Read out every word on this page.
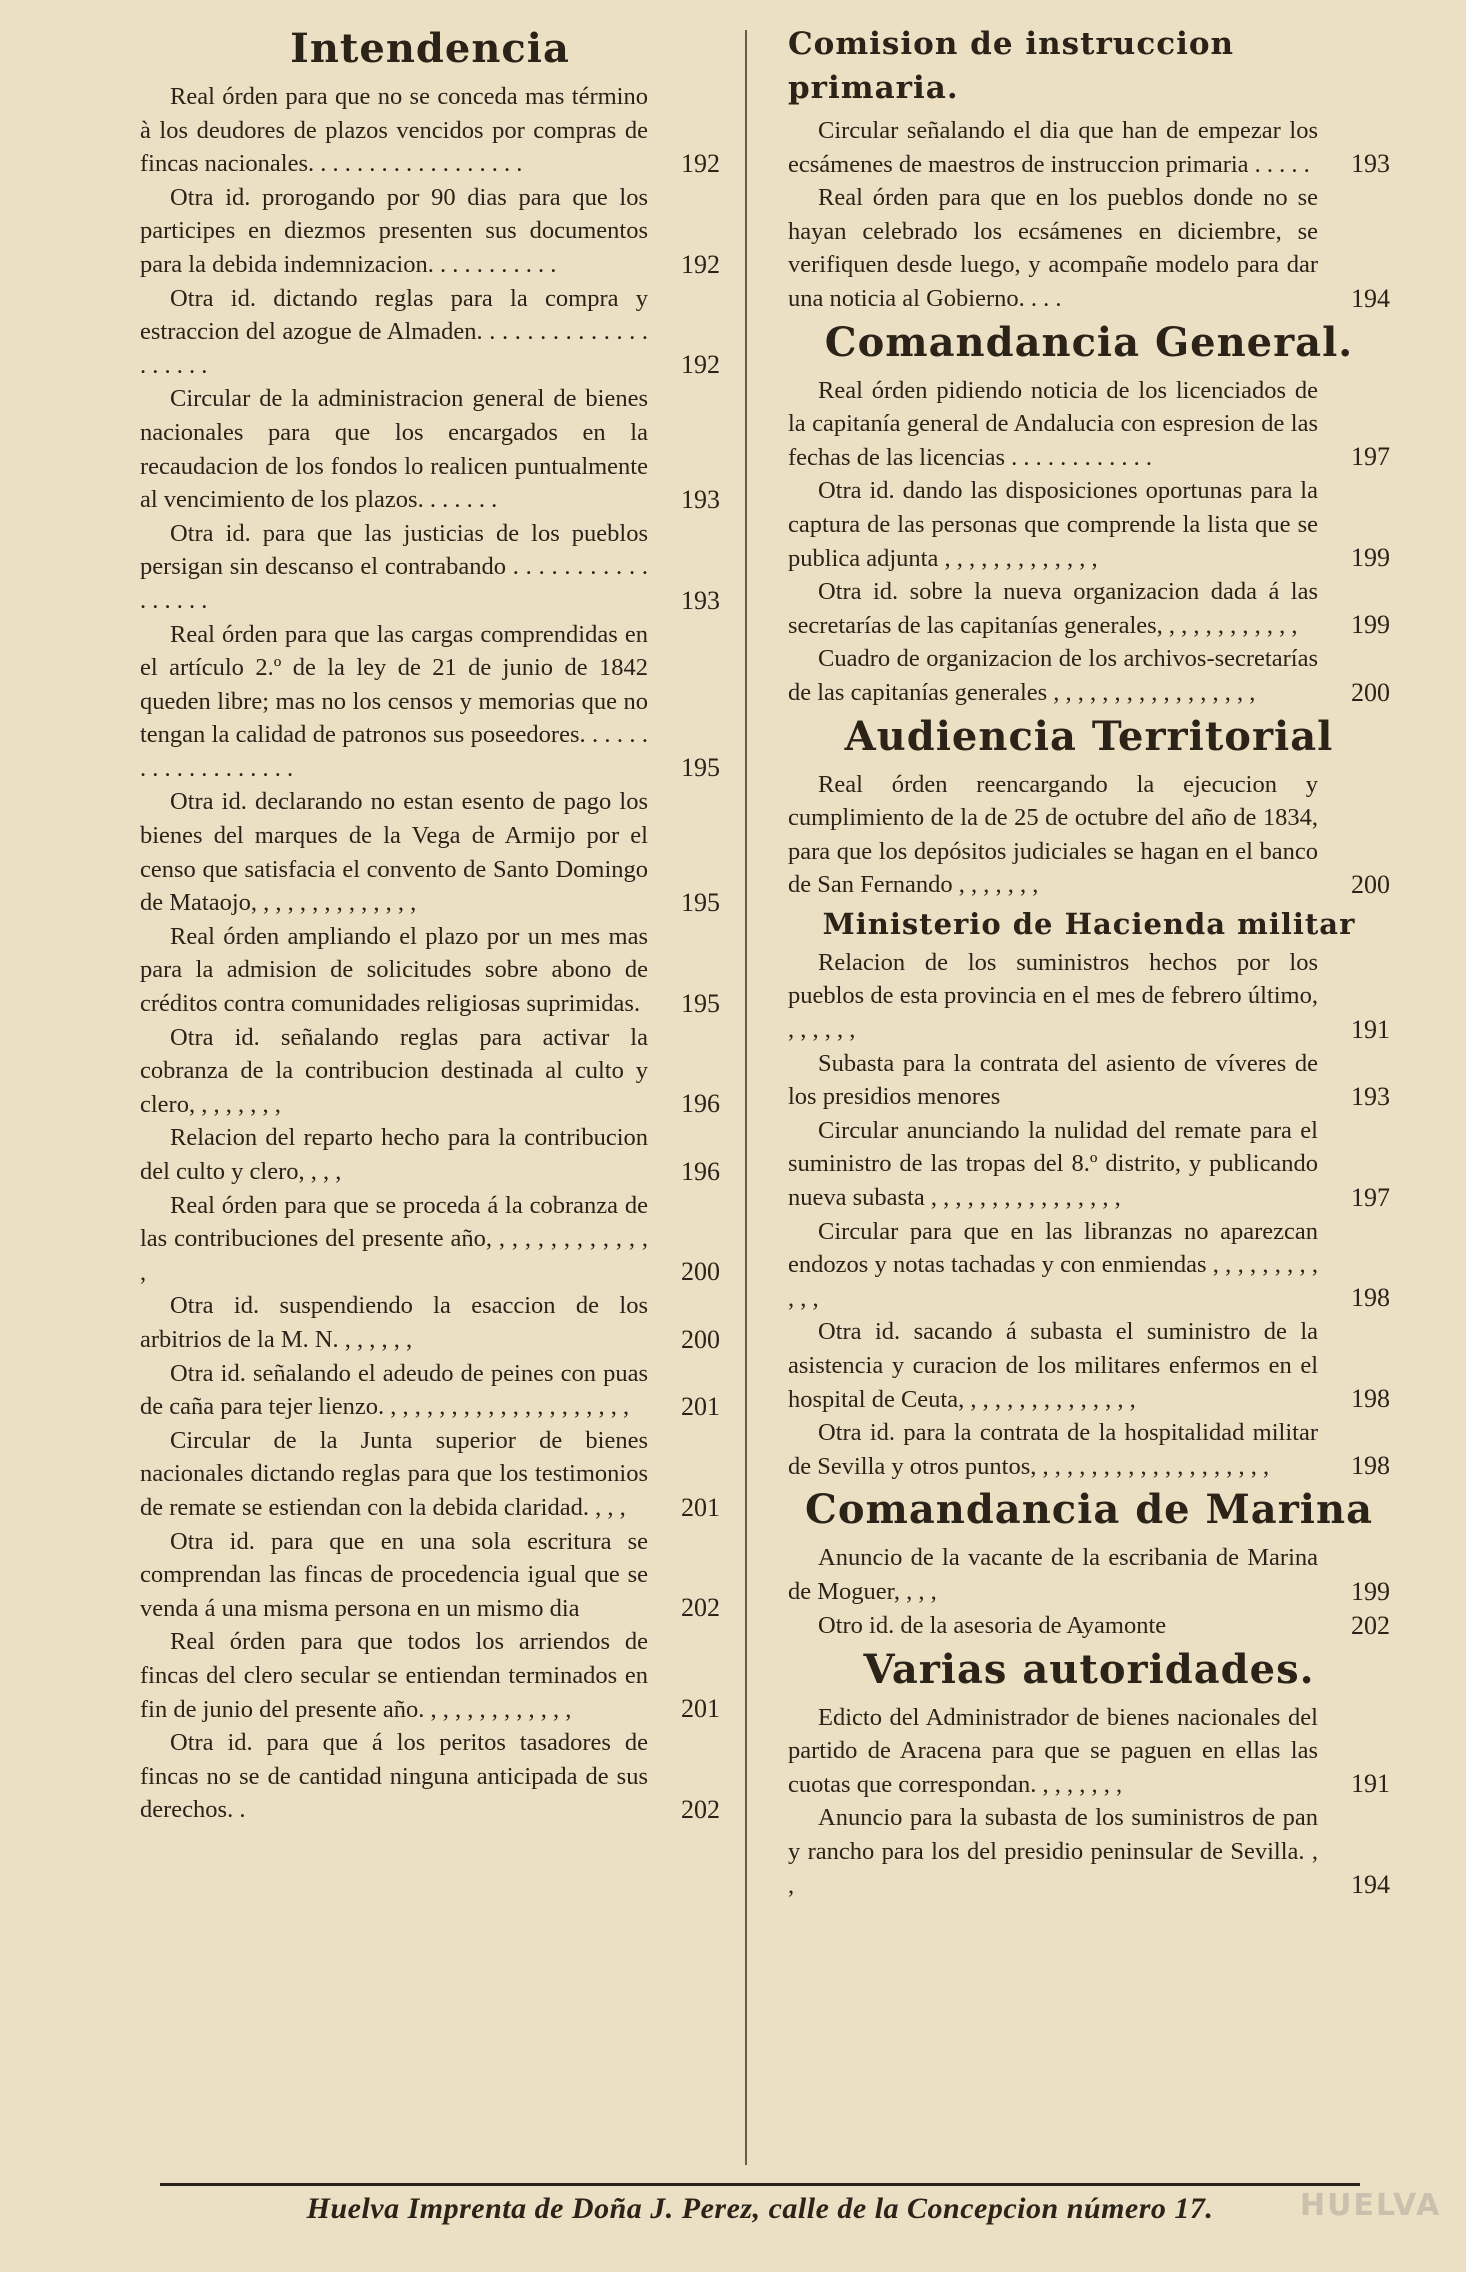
Intendencia
Real órden para que no se conceda mas término à los deudores de plazos vencidos por compras de fincas nacionales. . . . . . . . . . . . . . . . . .	192
Otra id. prorogando por 90 dias para que los participes en diezmos presenten sus documentos para la debida indemnizacion. . . . . . . . . . .	192
Otra id. dictando reglas para la compra y estraccion del azogue de Almaden. . . . . . . . . . . . . . . . . . . .	192
Circular de la administracion general de bienes nacionales para que los encargados en la recaudacion de los fondos lo realicen puntualmente al vencimiento de los plazos. . . . . . .	193
Otra id. para que las justicias de los pueblos persigan sin descanso el contrabando . . . . . . . . . . . . . . . . .	193
Real órden para que las cargas comprendidas en el artículo 2.º de la ley de 21 de junio de 1842 queden libre; mas no los censos y memorias que no tengan la calidad de patronos sus poseedores. . . . . . . . . . . . . . . . . . .	195
Otra id. declarando no estan esento de pago los bienes del marques de la Vega de Armijo por el censo que satisfacia el convento de Santo Domingo de Mataojo, , , , , , , , , , , , , ,	195
Real órden ampliando el plazo por un mes mas para la admision de solicitudes sobre abono de créditos contra comunidades religiosas suprimidas.	195
Otra id. señalando reglas para activar la cobranza de la contribucion destinada al culto y clero, , , , , , , ,	196
Relacion del reparto hecho para la contribucion del culto y clero, , , ,	196
Real órden para que se proceda á la cobranza de las contribuciones del presente año, , , , , , , , , , , , , ,	200
Otra id. suspendiendo la esaccion de los arbitrios de la M. N. , , , , , ,	200
Otra id. señalando el adeudo de peines con puas de caña para tejer lienzo. , , , , , , , , , , , , , , , , , , , ,	201
Circular de la Junta superior de bienes nacionales dictando reglas para que los testimonios de remate se estiendan con la debida claridad. , , ,	201
Otra id. para que en una sola escritura se comprendan las fincas de procedencia igual que se venda á una misma persona en un mismo dia	202
Real órden para que todos los arriendos de fincas del clero secular se entiendan terminados en fin de junio del presente año. , , , , , , , , , , , ,	201
Otra id. para que á los peritos tasadores de fincas no se de cantidad ninguna anticipada de sus derechos. .	202
Comision de instruccion primaria.
Circular señalando el dia que han de empezar los ecsámenes de maestros de instruccion primaria . . . . .	193
Real órden para que en los pueblos donde no se hayan celebrado los ecsámenes en diciembre, se verifiquen desde luego, y acompañe modelo para dar una noticia al Gobierno. . . .	194
Comandancia General.
Real órden pidiendo noticia de los licenciados de la capitanía general de Andalucia con espresion de las fechas de las licencias . . . . . . . . . . . .	197
Otra id. dando las disposiciones oportunas para la captura de las personas que comprende la lista que se publica adjunta , , , , , , , , , , , , ,	199
Otra id. sobre la nueva organizacion dada á las secretarías de las capitanías generales, , , , , , , , , , , ,	199
Cuadro de organizacion de los archivos-secretarías de las capitanías generales , , , , , , , , , , , , , , , , ,	200
Audiencia Territorial
Real órden reencargando la ejecucion y cumplimiento de la de 25 de octubre del año de 1834, para que los depósitos judiciales se hagan en el banco de San Fernando , , , , , , ,	200
Ministerio de Hacienda militar
Relacion de los suministros hechos por los pueblos de esta provincia en el mes de febrero último, , , , , , ,	191
Subasta para la contrata del asiento de víveres de los presidios menores	193
Circular anunciando la nulidad del remate para el suministro de las tropas del 8.º distrito, y publicando nueva subasta , , , , , , , , , , , , , , , ,	197
Circular para que en las libranzas no aparezcan endozos y notas tachadas y con enmiendas , , , , , , , , , , , ,	198
Otra id. sacando á subasta el suministro de la asistencia y curacion de los militares enfermos en el hospital de Ceuta, , , , , , , , , , , , , , ,	198
Otra id. para la contrata de la hospitalidad militar de Sevilla y otros puntos, , , , , , , , , , , , , , , , , , , ,	198
Comandancia de Marina
Anuncio de la vacante de la escribania de Marina de Moguer, , , ,	199
Otro id. de la asesoria de Ayamonte	202
Varias autoridades.
Edicto del Administrador de bienes nacionales del partido de Aracena para que se paguen en ellas las cuotas que correspondan. , , , , , , ,	191
Anuncio para la subasta de los suministros de pan y rancho para los del presidio peninsular de Sevilla. , ,	194
Huelva Imprenta de Doña J. Perez, calle de la Concepcion número 17.	HUELVA
